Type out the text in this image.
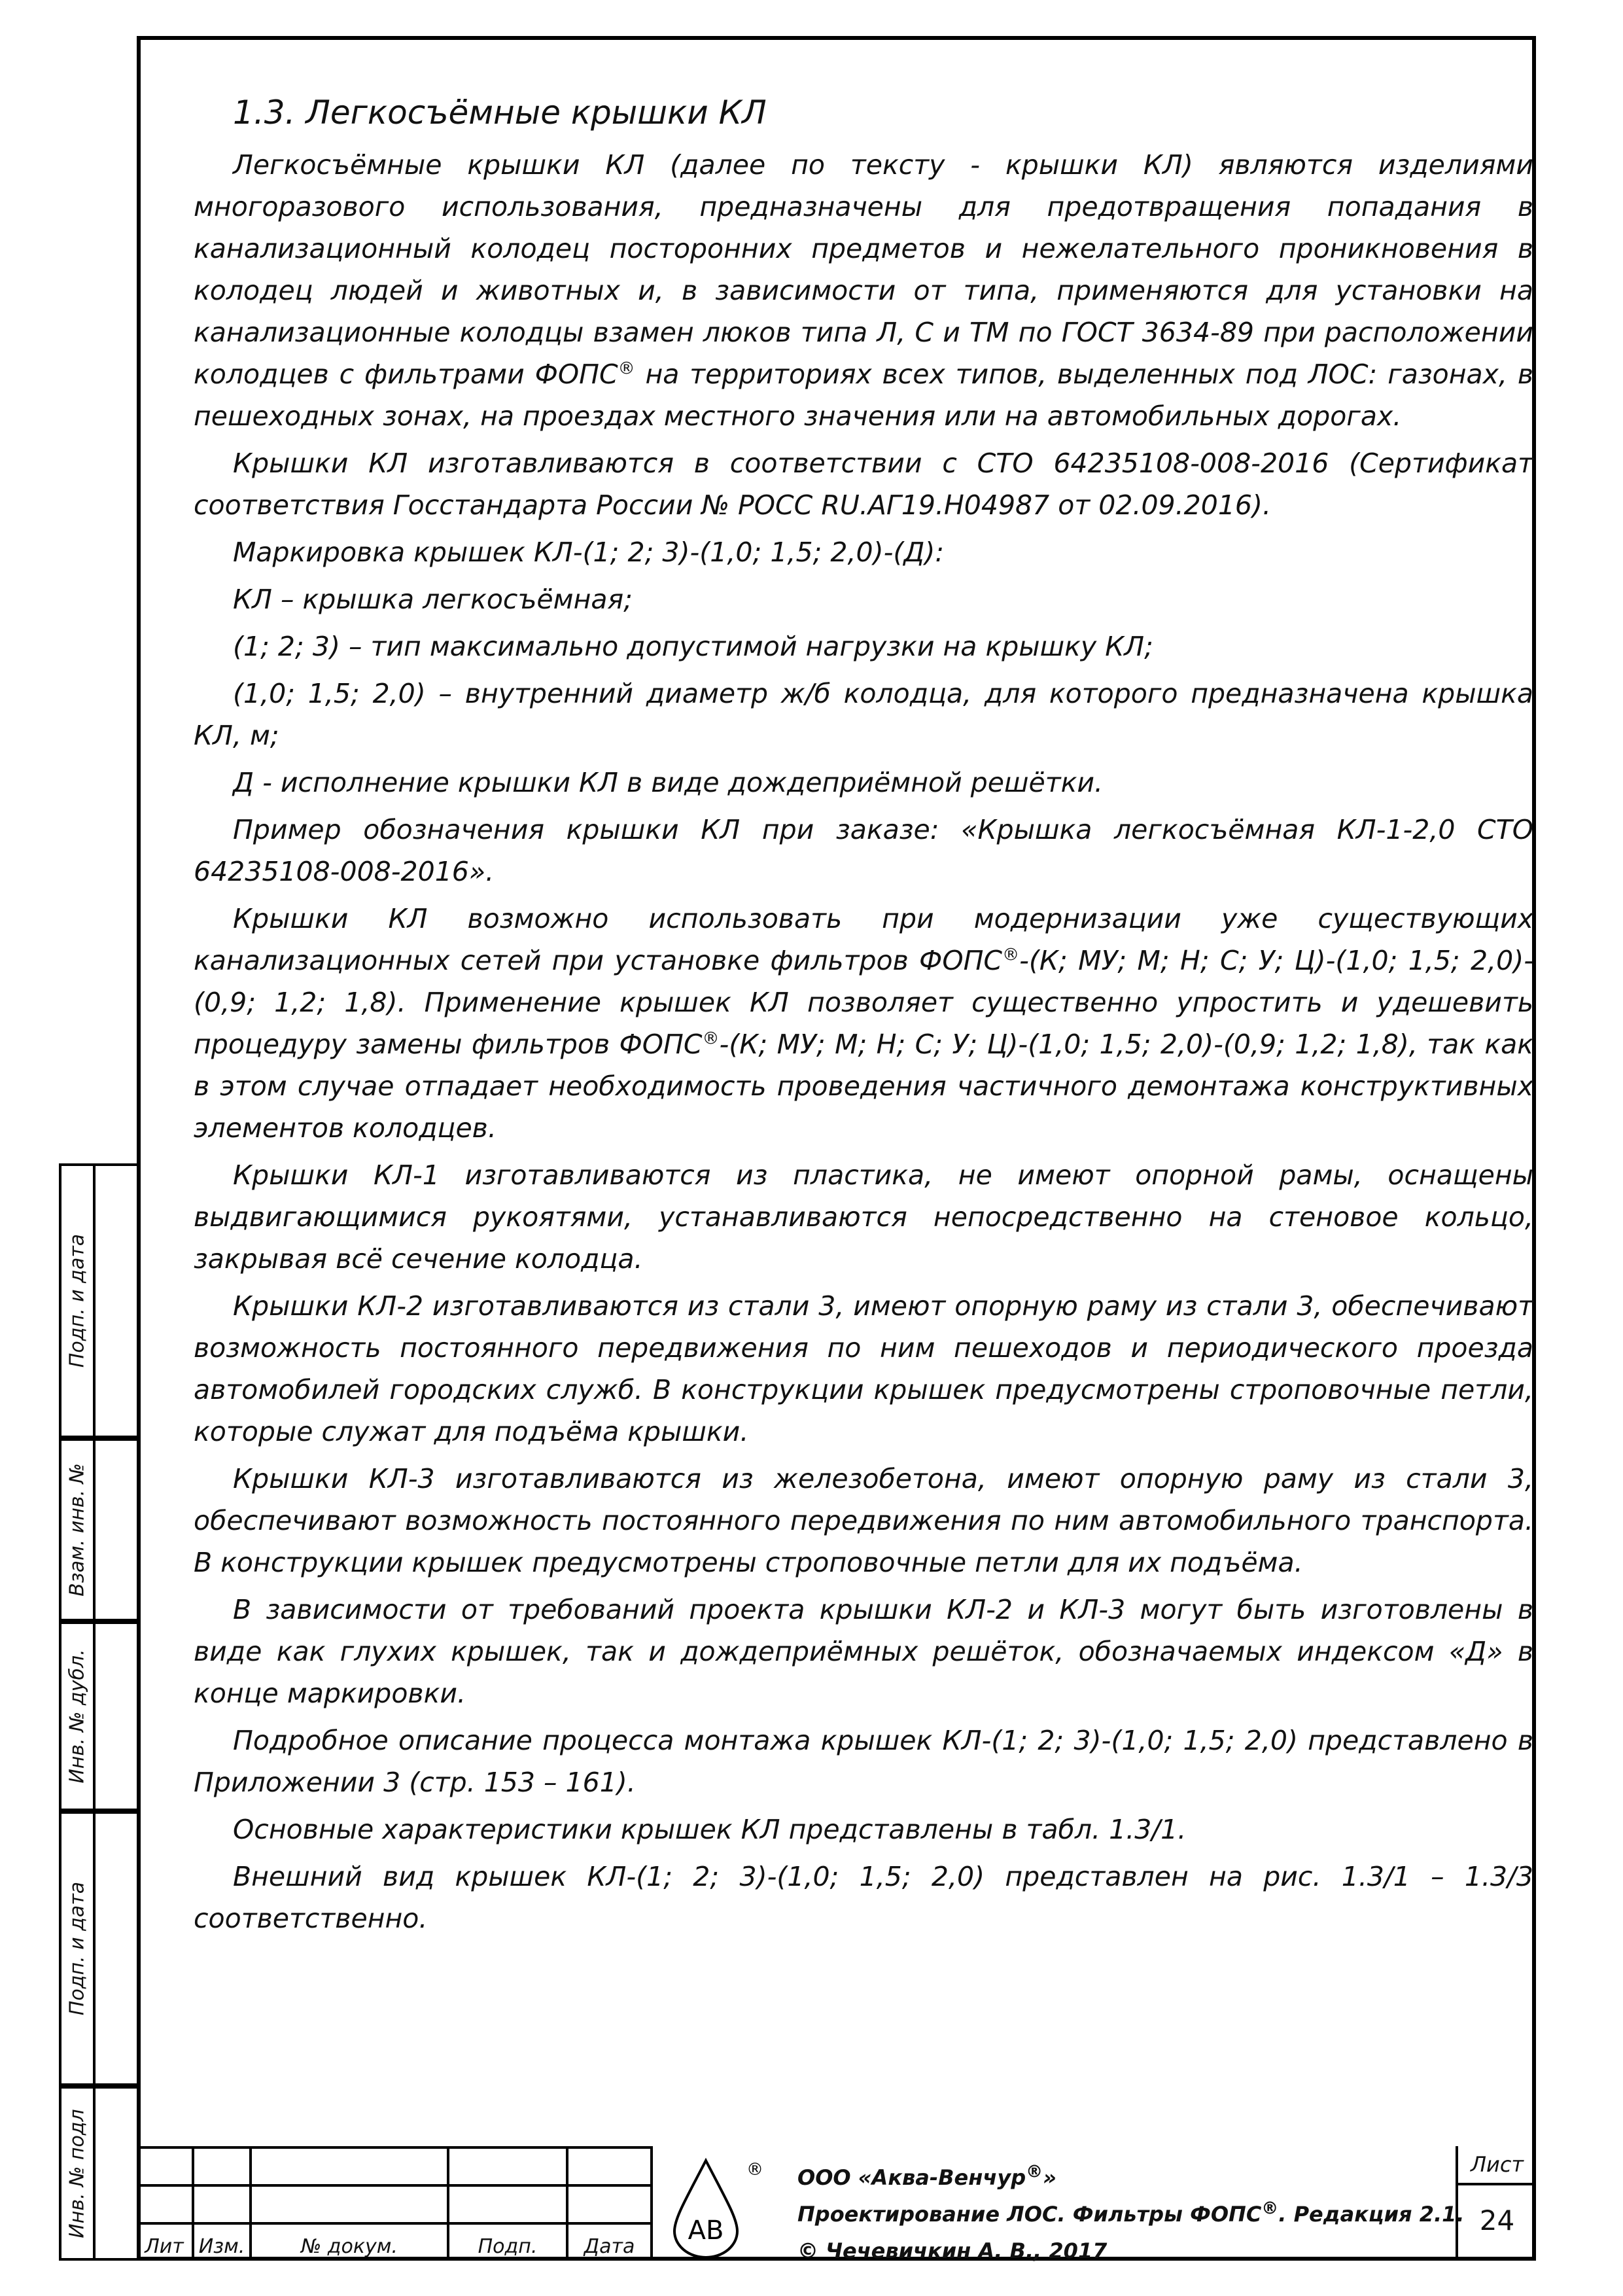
Подп. и дата
Взам. инв. №
Инв. № дубл.
Подп. и дата
Инв. № подл
1.3. Легкосъёмные крышки КЛ

Легкосъёмные крышки КЛ (далее по тексту - крышки КЛ) являются изделиями многоразового использования, предназначены для предотвращения попадания в канализационный колодец посторонних предметов и нежелательного проникновения в колодец людей и животных и, в зависимости от типа, применяются для установки на канализационные колодцы взамен люков типа Л, С и ТМ по ГОСТ 3634-89 при расположении колодцев с фильтрами ФОПС® на территориях всех типов, выделенных под ЛОС: газонах, в пешеходных зонах, на проездах местного значения или на автомобильных дорогах.

Крышки КЛ изготавливаются в соответствии с СТО 64235108-008-2016 (Сертификат соответствия Госстандарта России № РОСС RU.АГ19.Н04987 от 02.09.2016).

Маркировка крышек КЛ-(1; 2; 3)-(1,0; 1,5; 2,0)-(Д):

КЛ – крышка легкосъёмная;

(1; 2; 3) – тип максимально допустимой нагрузки на крышку КЛ;

(1,0; 1,5; 2,0) – внутренний диаметр ж/б колодца, для которого предназначена крышка КЛ, м;

Д - исполнение крышки КЛ в виде дождеприёмной решётки.

Пример обозначения крышки КЛ при заказе: «Крышка легкосъёмная КЛ-1-2,0 СТО 64235108-008-2016».

Крышки КЛ возможно использовать при модернизации уже существующих канализационных сетей при установке фильтров ФОПС®-(К; МУ; М; Н; С; У; Ц)-(1,0; 1,5; 2,0)-(0,9; 1,2; 1,8). Применение крышек КЛ позволяет существенно упростить и удешевить процедуру замены фильтров ФОПС®-(К; МУ; М; Н; С; У; Ц)-(1,0; 1,5; 2,0)-(0,9; 1,2; 1,8), так как в этом случае отпадает необходимость проведения частичного демонтажа конструктивных элементов колодцев.

Крышки КЛ-1 изготавливаются из пластика, не имеют опорной рамы, оснащены выдвигающимися рукоятями, устанавливаются непосредственно на стеновое кольцо, закрывая всё сечение колодца.

Крышки КЛ-2 изготавливаются из стали 3, имеют опорную раму из стали 3, обеспечивают возможность постоянного передвижения по ним пешеходов и периодического проезда автомобилей городских служб. В конструкции крышек предусмотрены строповочные петли, которые служат для подъёма крышки.

Крышки КЛ-3 изготавливаются из железобетона, имеют опорную раму из стали 3, обеспечивают возможность постоянного передвижения по ним автомобильного транспорта. В конструкции крышек предусмотрены строповочные петли для их подъёма.

В зависимости от требований проекта крышки КЛ-2 и КЛ-3 могут быть изготовлены в виде как глухих крышек, так и дождеприёмных решёток, обозначаемых индексом «Д» в конце маркировки.

Подробное описание процесса монтажа крышек КЛ-(1; 2; 3)-(1,0; 1,5; 2,0) представлено в Приложении 3 (стр. 153 – 161).

Основные характеристики крышек КЛ представлены в табл. 1.3/1.

Внешний вид крышек КЛ-(1; 2; 3)-(1,0; 1,5; 2,0) представлен на рис. 1.3/1 – 1.3/3 соответственно.

Лит Изм.	№ докум.	Подп.	Дата
АВ
® ООО «Аква-Венчур®»
Проектирование ЛОС. Фильтры ФОПС®. Редакция 2.1.
© Чечевичкин А. В., 2017
Лист
24
